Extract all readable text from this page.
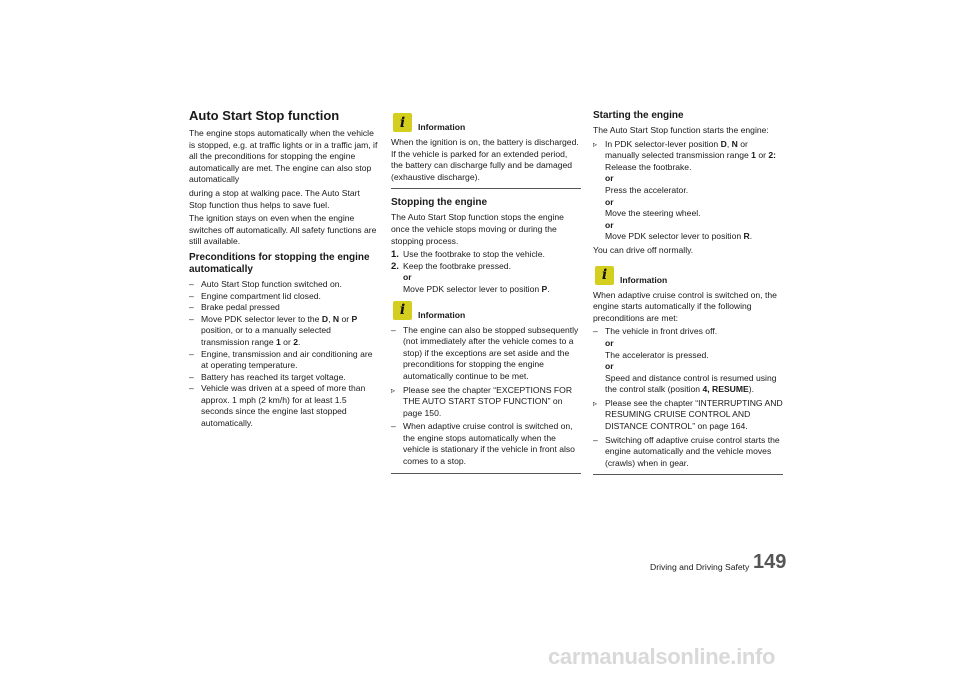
Auto Start Stop function

The engine stops automatically when the vehicle is stopped, e.g. at traffic lights or in a traffic jam, if all the preconditions for stopping the engine automatically are met. The engine can also stop automatically

during a stop at walking pace. The Auto Start Stop function thus helps to save fuel.

The ignition stays on even when the engine switches off automatically. All safety functions are still available.

Preconditions for stopping the engine automatically
– Auto Start Stop function switched on.
– Engine compartment lid closed.
– Brake pedal pressed
– Move PDK selector lever to the D, N or P position, or to a manually selected transmission range 1 or 2.
– Engine, transmission and air conditioning are at operating temperature.
– Battery has reached its target voltage.
– Vehicle was driven at a speed of more than approx. 1 mph (2 km/h) for at least 1.5 seconds since the engine last stopped automatically.
i Information

When the ignition is on, the battery is discharged. If the vehicle is parked for an extended period, the battery can discharge fully and be damaged (exhaustive discharge).

Stopping the engine

The Auto Start Stop function stops the engine once the vehicle stops moving or during the stopping process.

1. Use the footbrake to stop the vehicle.
2. Keep the footbrake pressed.
or
Move PDK selector lever to position P.
i Information
– The engine can also be stopped subsequently (not immediately after the vehicle comes to a stop) if the exceptions are set aside and the preconditions for stopping the engine automatically continue to be met.
▹ Please see the chapter “EXCEPTIONS FOR THE AUTO START STOP FUNCTION” on page 150.
– When adaptive cruise control is switched on, the engine stops automatically when the vehicle is stationary if the vehicle in front also comes to a stop.
Starting the engine

The Auto Start Stop function starts the engine:

▹ In PDK selector-lever position D, N or manually selected transmission range 1 or 2:
Release the footbrake.
or
Press the accelerator.
or
Move the steering wheel.
or
Move PDK selector lever to position R.

You can drive off normally.

i Information

When adaptive cruise control is switched on, the engine starts automatically if the following preconditions are met:

– The vehicle in front drives off.
or
The accelerator is pressed.
or
Speed and distance control is resumed using the control stalk (position 4, RESUME).
▹ Please see the chapter “INTERRUPTING AND RESUMING CRUISE CONTROL AND DISTANCE CONTROL” on page 164.
– Switching off adaptive cruise control starts the engine automatically and the vehicle moves (crawls) when in gear.
Driving and Driving Safety 149
carmanualsonline.info
